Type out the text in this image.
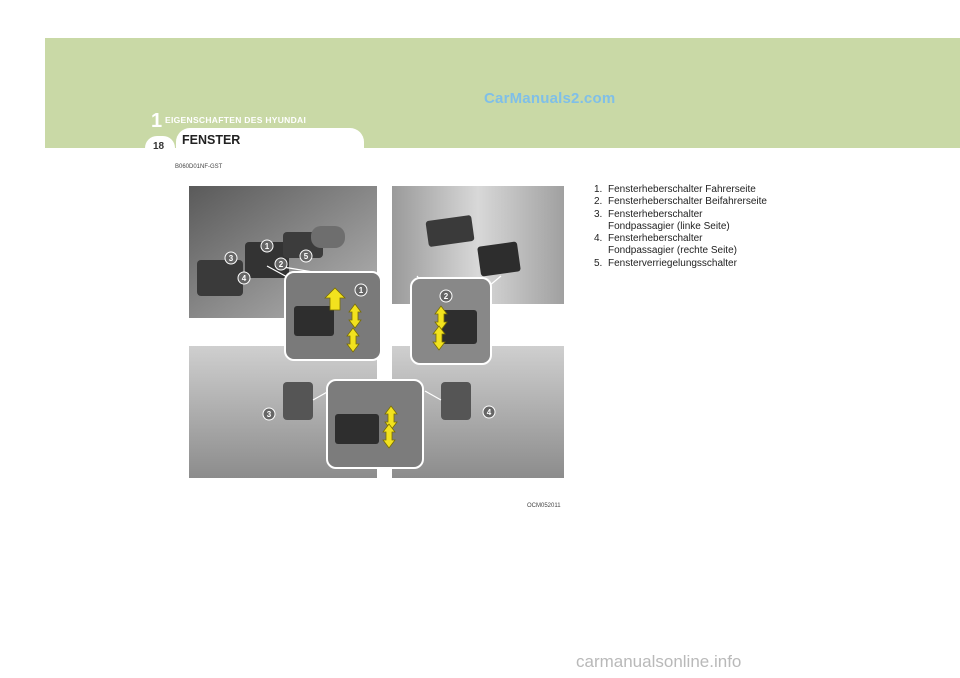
CarManuals2.com
1 EIGENSCHAFTEN DES HYUNDAI
18 FENSTER
B060D01NF-GST
1
1
2
2
3
3
4
4
5
OCM052011
1. Fensterheberschalter Fahrerseite
2. Fensterheberschalter Beifahrerseite
3. Fensterheberschalter
Fondpassagier (linke Seite)
4. Fensterheberschalter
Fondpassagier (rechte Seite)
5. Fensterverriegelungsschalter
carmanualsonline.info
